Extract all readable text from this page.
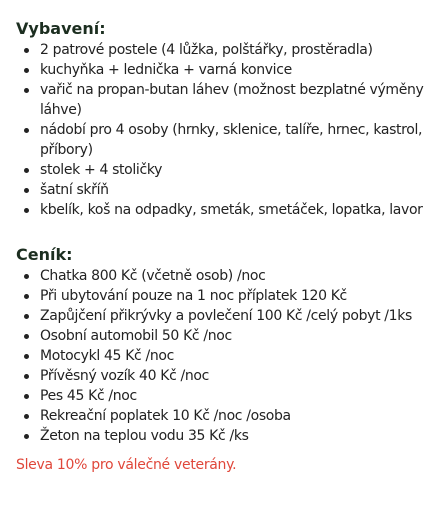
Vybavení:
2 patrové postele (4 lůžka, polštářky, prostěradla)
kuchyňka + lednička + varná konvice
vařič na propan-butan láhev (možnost bezplatné výměny láhve)
nádobí pro 4 osoby (hrnky, sklenice, talíře, hrnec, kastrol, příbory)
stolek + 4 stoličky
šatní skříň
kbelík, koš na odpadky, smeták, smetáček, lopatka, lavor
Ceník:
Chatka 800 Kč (včetně osob) /noc
Při ubytování pouze na 1 noc příplatek 120 Kč
Zapůjčení přikrývky a povlečení 100 Kč /celý pobyt /1ks
Osobní automobil 50 Kč /noc
Motocykl 45 Kč /noc
Přívěsný vozík 40 Kč /noc
Pes 45 Kč /noc
Rekreační poplatek 10 Kč /noc /osoba
Žeton na teplou vodu 35 Kč /ks

Sleva 10% pro válečné veterány.
